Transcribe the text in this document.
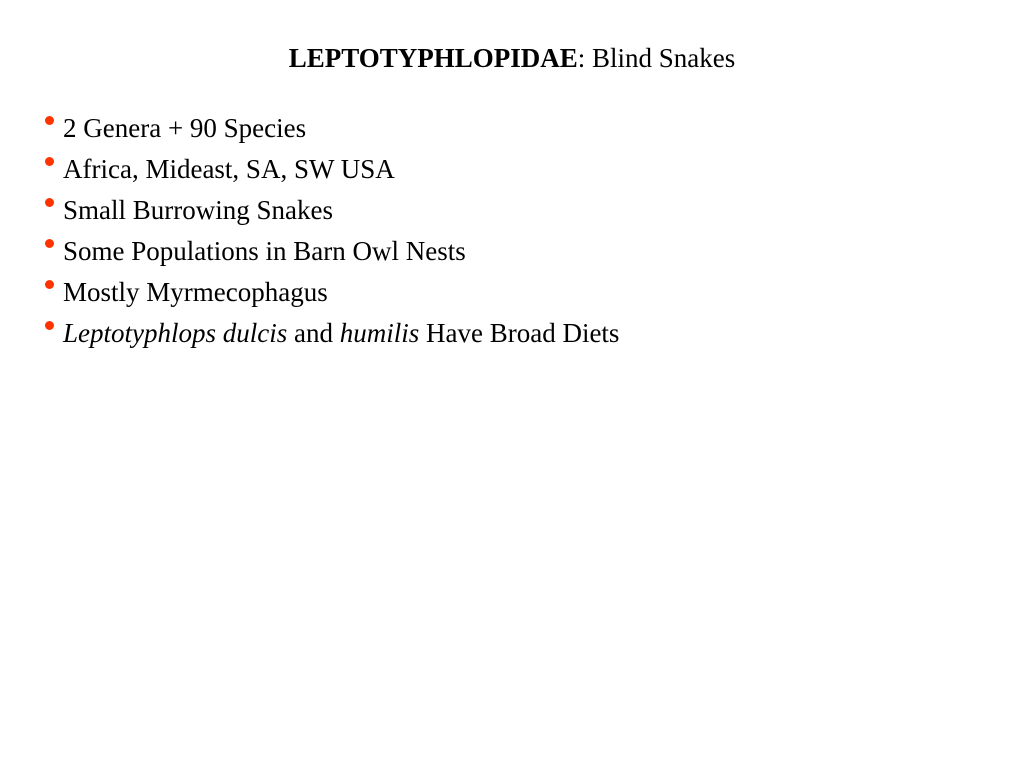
LEPTOTYPHLOPIDAE: Blind Snakes
2 Genera + 90 Species
Africa, Mideast, SA, SW USA
Small Burrowing Snakes
Some Populations in Barn Owl Nests
Mostly Myrmecophagus
Leptotyphlops dulcis and humilis Have Broad Diets
